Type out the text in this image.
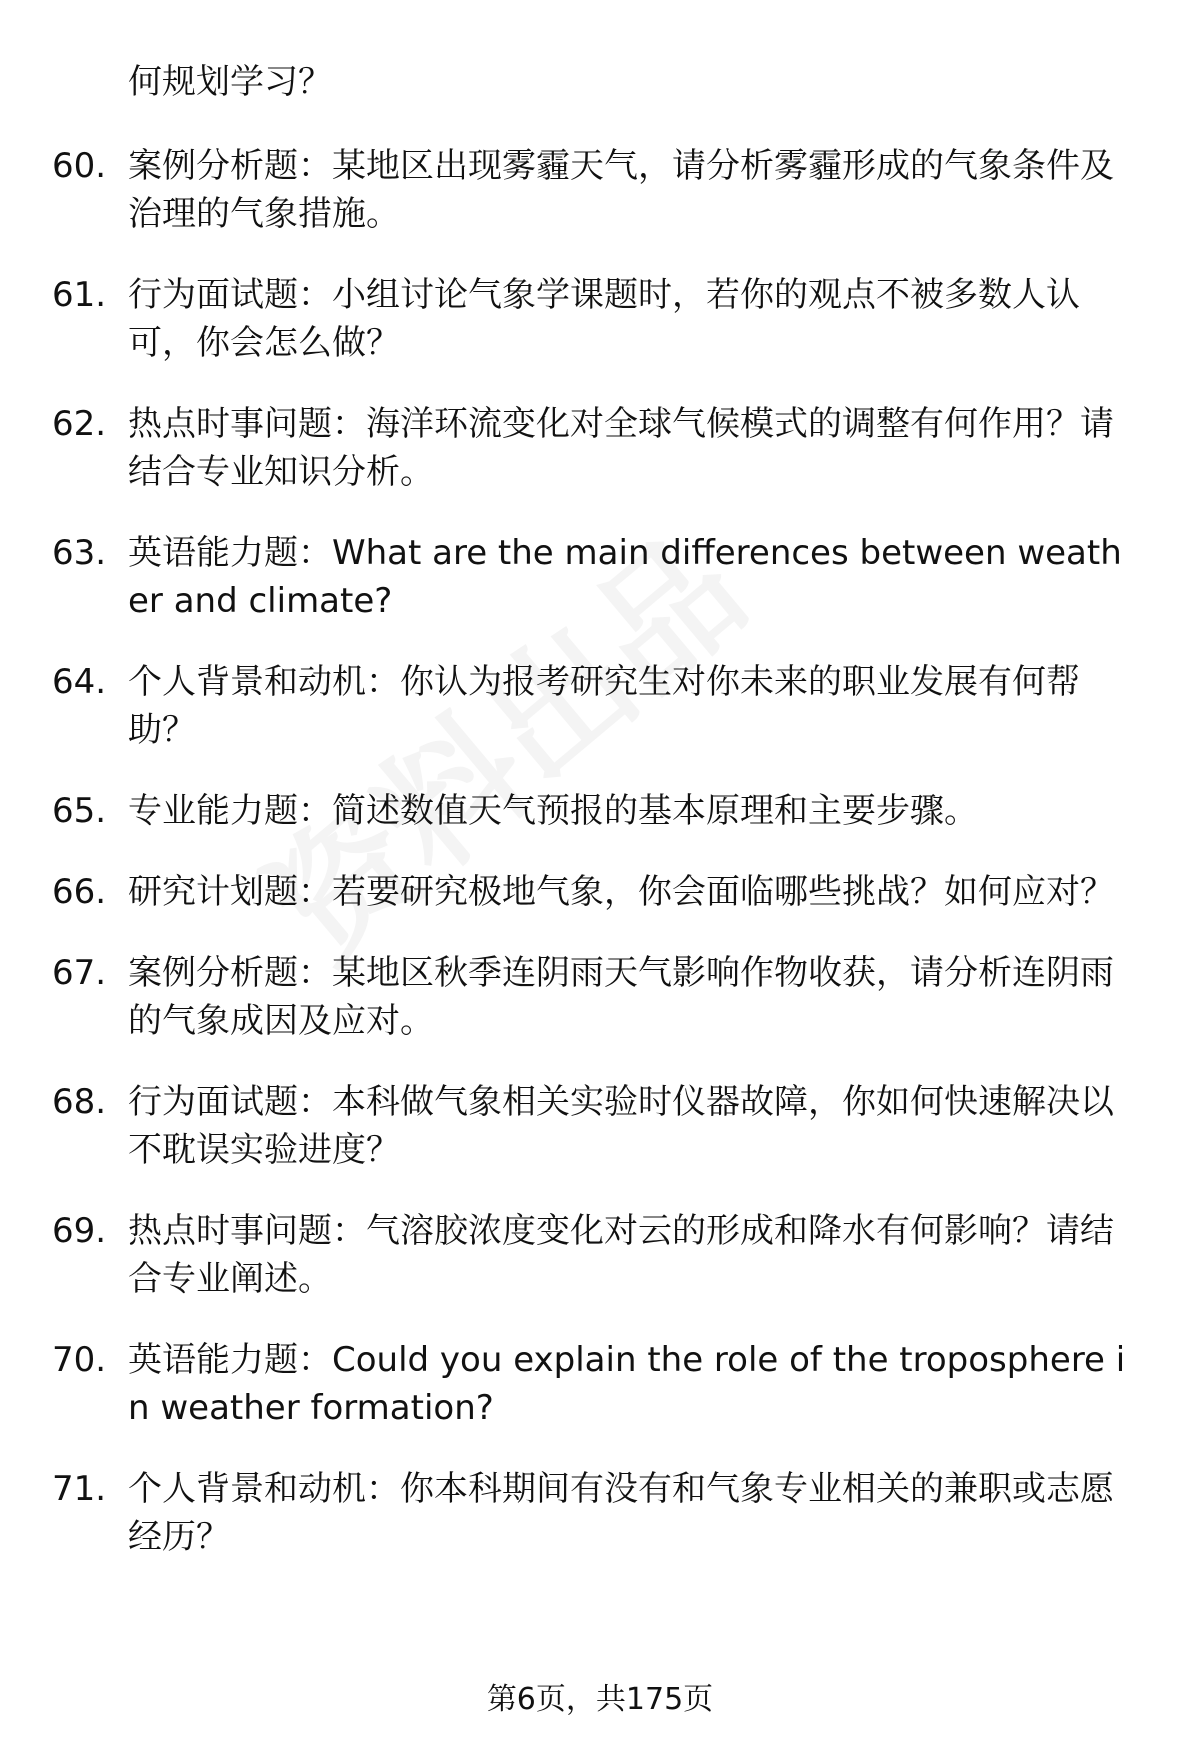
何规划学习？
60. 案例分析题：某地区出现雾霾天气，请分析雾霾形成的气象条件及治理的气象措施。
61. 行为面试题：小组讨论气象学课题时，若你的观点不被多数人认可，你会怎么做？
62. 热点时事问题：海洋环流变化对全球气候模式的调整有何作用？请结合专业知识分析。
63. 英语能力题：What are the main differences between weather and climate?
64. 个人背景和动机：你认为报考研究生对你未来的职业发展有何帮助？
65. 专业能力题：简述数值天气预报的基本原理和主要步骤。
66. 研究计划题：若要研究极地气象，你会面临哪些挑战？如何应对？
67. 案例分析题：某地区秋季连阴雨天气影响作物收获，请分析连阴雨的气象成因及应对。
68. 行为面试题：本科做气象相关实验时仪器故障，你如何快速解决以不耽误实验进度？
69. 热点时事问题：气溶胶浓度变化对云的形成和降水有何影响？请结合专业阐述。
70. 英语能力题：Could you explain the role of the troposphere in weather formation?
71. 个人背景和动机：你本科期间有没有和气象专业相关的兼职或志愿经历？
第6页，共175页
